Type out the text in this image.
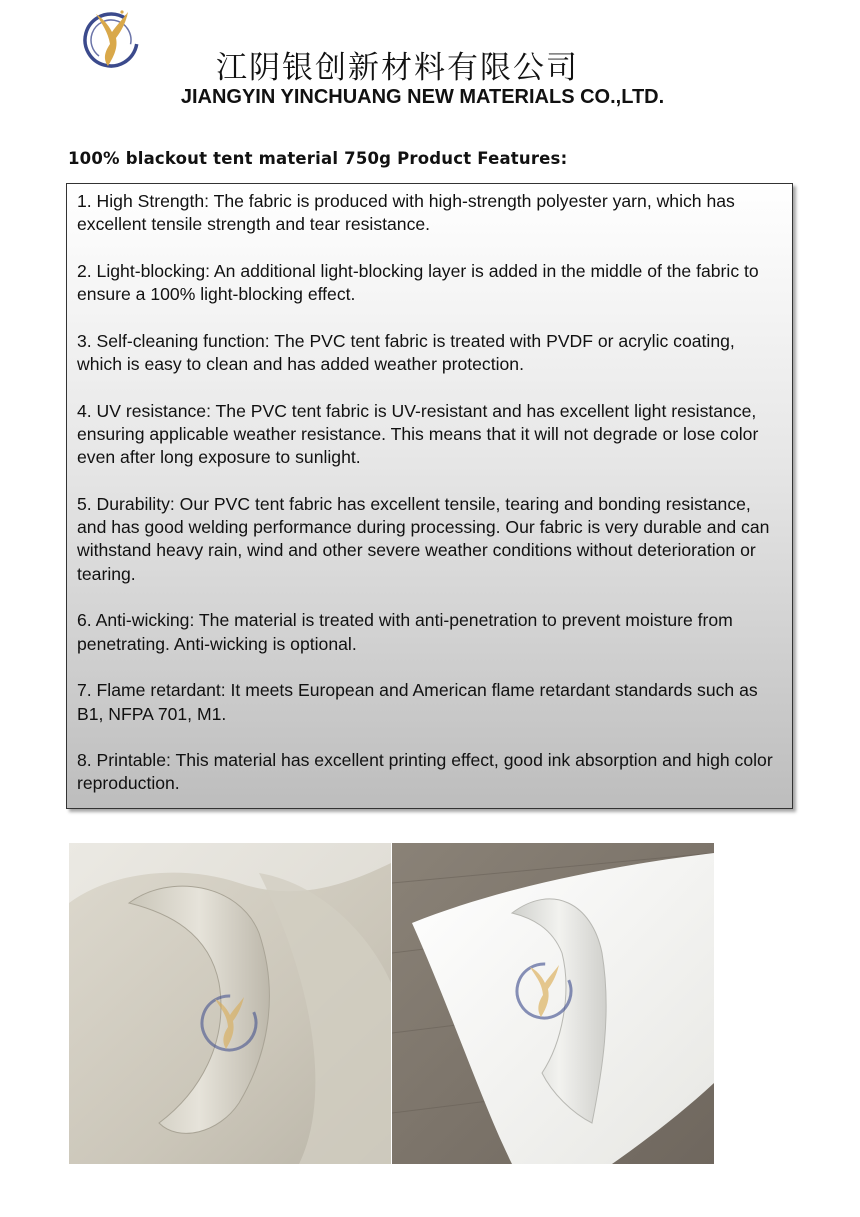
江阴银创新材料有限公司
JIANGYIN YINCHUANG NEW MATERIALS CO.,LTD.
100% blackout tent material 750g Product Features:

1. High Strength: The fabric is produced with high-strength polyester yarn, which has excellent tensile strength and tear resistance.

2. Light-blocking: An additional light-blocking layer is added in the middle of the fabric to ensure a 100% light-blocking effect.

3. Self-cleaning function: The PVC tent fabric is treated with PVDF or acrylic coating, which is easy to clean and has added weather protection.

4. UV resistance: The PVC tent fabric is UV-resistant and has excellent light resistance, ensuring applicable weather resistance. This means that it will not degrade or lose color even after long exposure to sunlight.

5. Durability: Our PVC tent fabric has excellent tensile, tearing and bonding resistance, and has good welding performance during processing. Our fabric is very durable and can withstand heavy rain, wind and other severe weather conditions without deterioration or tearing.

6. Anti-wicking: The material is treated with anti-penetration to prevent moisture from penetrating. Anti-wicking is optional.

7. Flame retardant: It meets European and American flame retardant standards such as B1, NFPA 701, M1.

8. Printable: This material has excellent printing effect, good ink absorption and high color reproduction.
